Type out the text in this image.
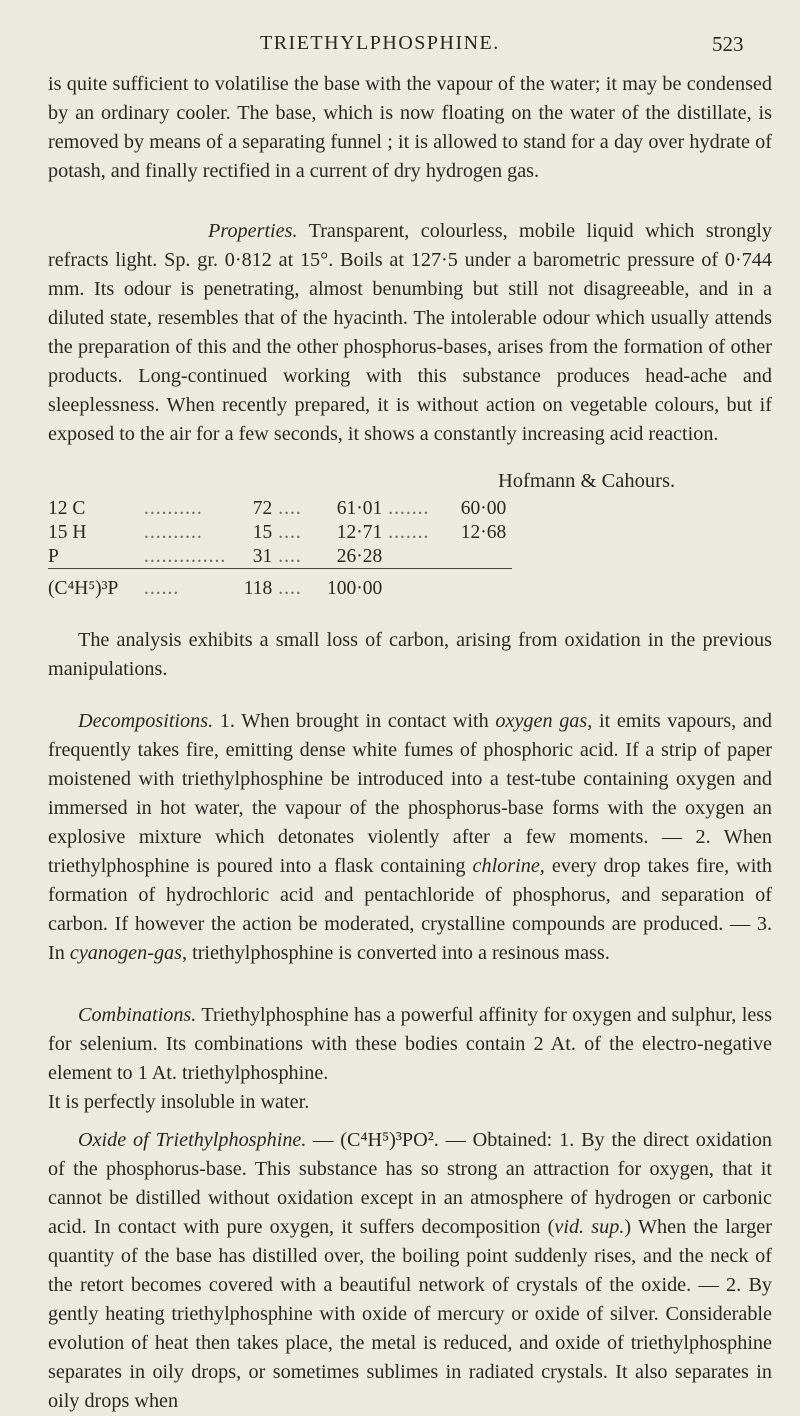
TRIETHYLPHOSPHINE.	523

is quite sufficient to volatilise the base with the vapour of the water; it may be condensed by an ordinary cooler. The base, which is now floating on the water of the distillate, is removed by means of a separating funnel ; it is allowed to stand for a day over hydrate of potash, and finally rectified in a current of dry hydrogen gas.

Properties. Transparent, colourless, mobile liquid which strongly refracts light. Sp. gr. 0·812 at 15°. Boils at 127·5 under a barometric pressure of 0·744 mm. Its odour is penetrating, almost benumbing but still not disagreeable, and in a diluted state, resembles that of the hyacinth. The intolerable odour which usually attends the preparation of this and the other phosphorus-bases, arises from the formation of other products. Long-continued working with this substance produces head-ache and sleeplessness. When recently prepared, it is without action on vegetable colours, but if exposed to the air for a few seconds, it shows a constantly increasing acid reaction.

Hofmann & Cahours.
12 C	..........	72	....	61·01	.......	60·00
15 H	..........	15	....	12·71	.......	12·68
P	..............	31	....	26·28		
(C⁴H⁵)³P	......	118	....	100·00		

The analysis exhibits a small loss of carbon, arising from oxidation in the previous manipulations.

Decompositions. 1. When brought in contact with oxygen gas, it emits vapours, and frequently takes fire, emitting dense white fumes of phosphoric acid. If a strip of paper moistened with triethylphosphine be introduced into a test-tube containing oxygen and immersed in hot water, the vapour of the phosphorus-base forms with the oxygen an explosive mixture which detonates violently after a few moments. — 2. When triethylphosphine is poured into a flask containing chlorine, every drop takes fire, with formation of hydrochloric acid and pentachloride of phosphorus, and separation of carbon. If however the action be moderated, crystalline compounds are produced. — 3. In cyanogen-gas, triethylphosphine is converted into a resinous mass.

Combinations. Triethylphosphine has a powerful affinity for oxygen and sulphur, less for selenium. Its combinations with these bodies contain 2 At. of the electro-negative element to 1 At. triethylphosphine.
It is perfectly insoluble in water.

Oxide of Triethylphosphine. — (C⁴H⁵)³PO². — Obtained: 1. By the direct oxidation of the phosphorus-base. This substance has so strong an attraction for oxygen, that it cannot be distilled without oxidation except in an atmosphere of hydrogen or carbonic acid. In contact with pure oxygen, it suffers decomposition (vid. sup.) When the larger quantity of the base has distilled over, the boiling point suddenly rises, and the neck of the retort becomes covered with a beautiful network of crystals of the oxide. — 2. By gently heating triethylphosphine with oxide of mercury or oxide of silver. Considerable evolution of heat then takes place, the metal is reduced, and oxide of triethylphosphine separates in oily drops, or sometimes sublimes in radiated crystals. It also separates in oily drops when
